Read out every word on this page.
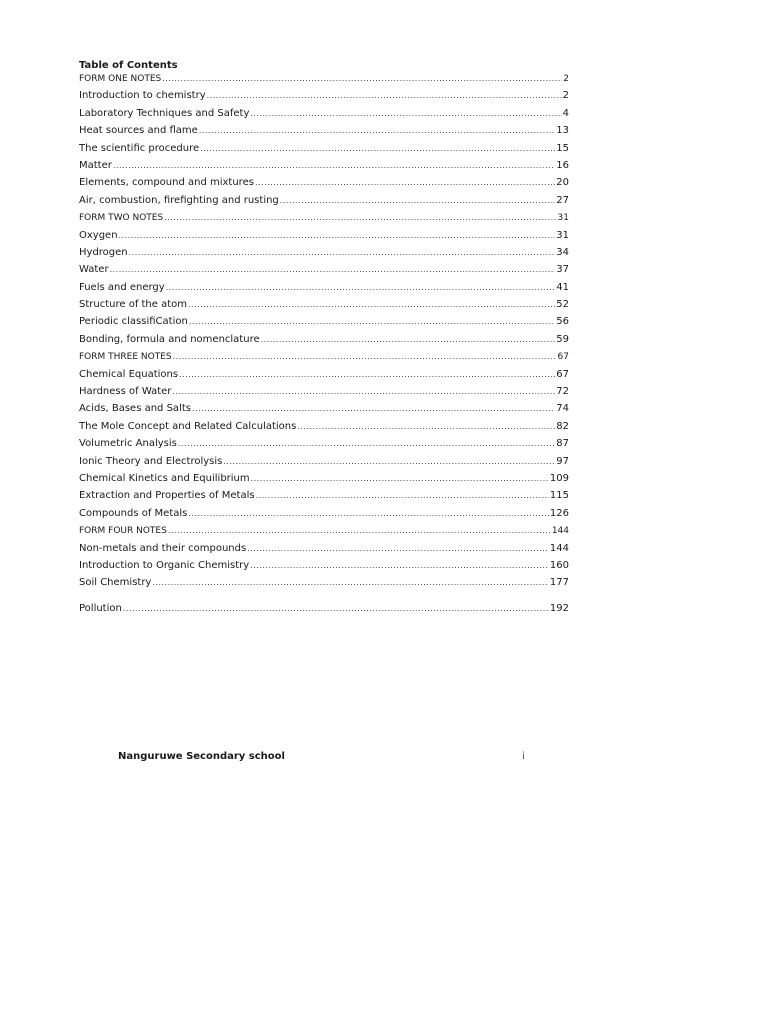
Table of Contents
FORM ONE NOTES .....	2
Introduction to chemistry .....	2
Laboratory Techniques and Safety .....	4
Heat sources and flame .....	13
The scientific procedure .....	15
Matter .....	16
Elements, compound and mixtures .....	20
Air, combustion, firefighting and rusting .....	27
FORM TWO NOTES .....	31
Oxygen .....	31
Hydrogen .....	34
Water .....	37
Fuels and energy .....	41
Structure of the atom .....	52
Periodic classifiCation .....	56
Bonding, formula and nomenclature .....	59
FORM THREE NOTES .....	67
Chemical Equations .....	67
Hardness of Water .....	72
Acids, Bases and Salts .....	74
The Mole Concept and Related Calculations .....	82
Volumetric Analysis .....	87
Ionic Theory and Electrolysis .....	97
Chemical Kinetics and Equilibrium .....	109
Extraction and Properties of Metals .....	115
Compounds of Metals .....	126
FORM FOUR NOTES .....	144
Non-metals and their compounds .....	144
Introduction to Organic Chemistry .....	160
Soil Chemistry .....	177
Pollution .....	192
Nanguruwe Secondary school	i
